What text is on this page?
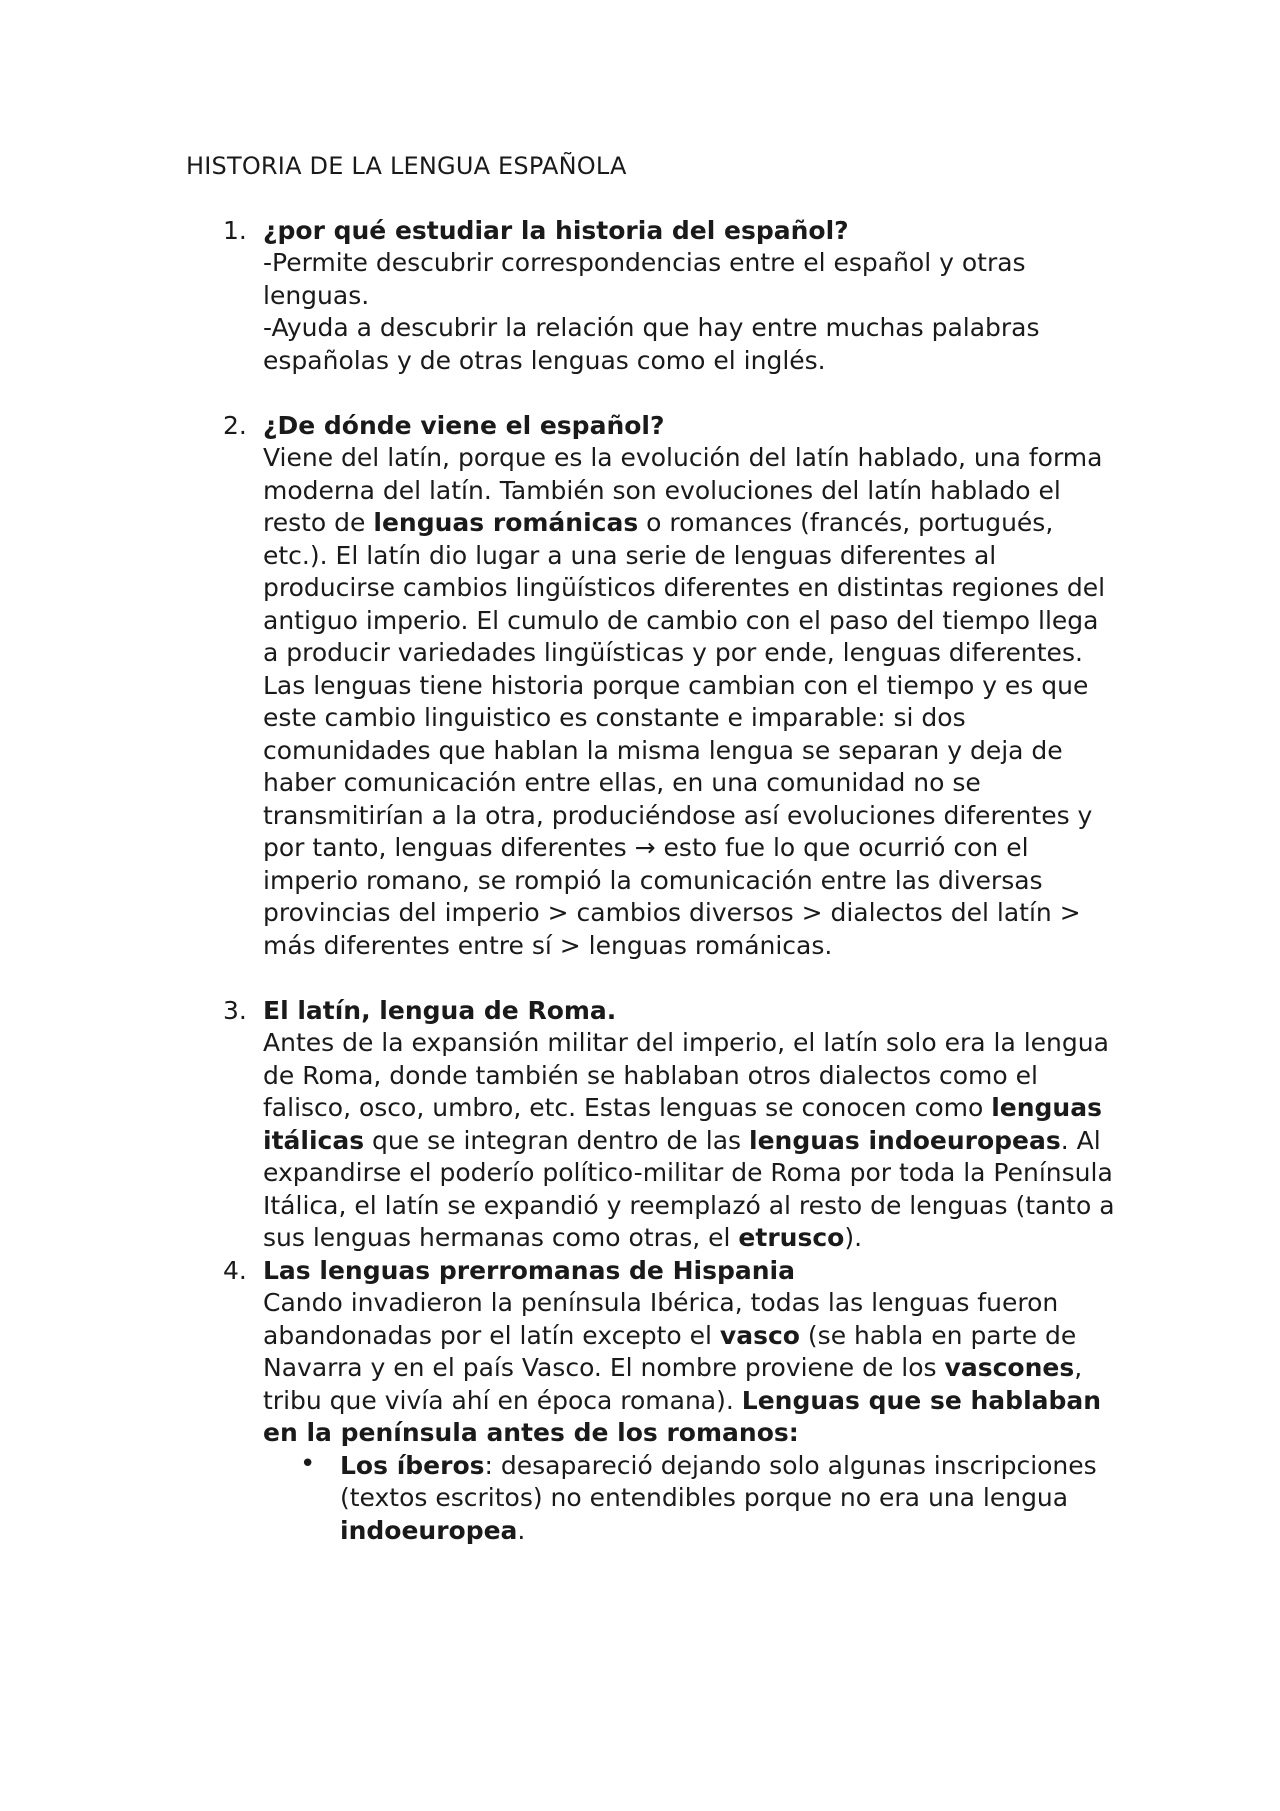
HISTORIA DE LA LENGUA ESPAÑOLA
1. ¿por qué estudiar la historia del español?
-Permite descubrir correspondencias entre el español y otras lenguas.
-Ayuda a descubrir la relación que hay entre muchas palabras españolas y de otras lenguas como el inglés.
2. ¿De dónde viene el español?
Viene del latín, porque es la evolución del latín hablado, una forma moderna del latín. También son evoluciones del latín hablado el resto de lenguas románicas o romances (francés, portugués, etc.). El latín dio lugar a una serie de lenguas diferentes al producirse cambios lingüísticos diferentes en distintas regiones del antiguo imperio. El cumulo de cambio con el paso del tiempo llega a producir variedades lingüísticas y por ende, lenguas diferentes.
Las lenguas tiene historia porque cambian con el tiempo y es que este cambio linguistico es constante e imparable: si dos comunidades que hablan la misma lengua se separan y deja de haber comunicación entre ellas, en una comunidad no se transmitirían a la otra, produciéndose así evoluciones diferentes y por tanto, lenguas diferentes → esto fue lo que ocurrió con el imperio romano, se rompió la comunicación entre las diversas provincias del imperio > cambios diversos > dialectos del latín > más diferentes entre sí > lenguas románicas.
3. El latín, lengua de Roma.
Antes de la expansión militar del imperio, el latín solo era la lengua de Roma, donde también se hablaban otros dialectos como el falisco, osco, umbro, etc. Estas lenguas se conocen como lenguas itálicas que se integran dentro de las lenguas indoeuropeas. Al expandirse el poderío político-militar de Roma por toda la Península Itálica, el latín se expandió y reemplazó al resto de lenguas (tanto a sus lenguas hermanas como otras, el etrusco).
4. Las lenguas prerromanas de Hispania
Cando invadieron la península Ibérica, todas las lenguas fueron abandonadas por el latín excepto el vasco (se habla en parte de Navarra y en el país Vasco. El nombre proviene de los vascones, tribu que vivía ahí en época romana). Lenguas que se hablaban en la península antes de los romanos:
• Los íberos: desapareció dejando solo algunas inscripciones (textos escritos) no entendibles porque no era una lengua indoeuropea.
